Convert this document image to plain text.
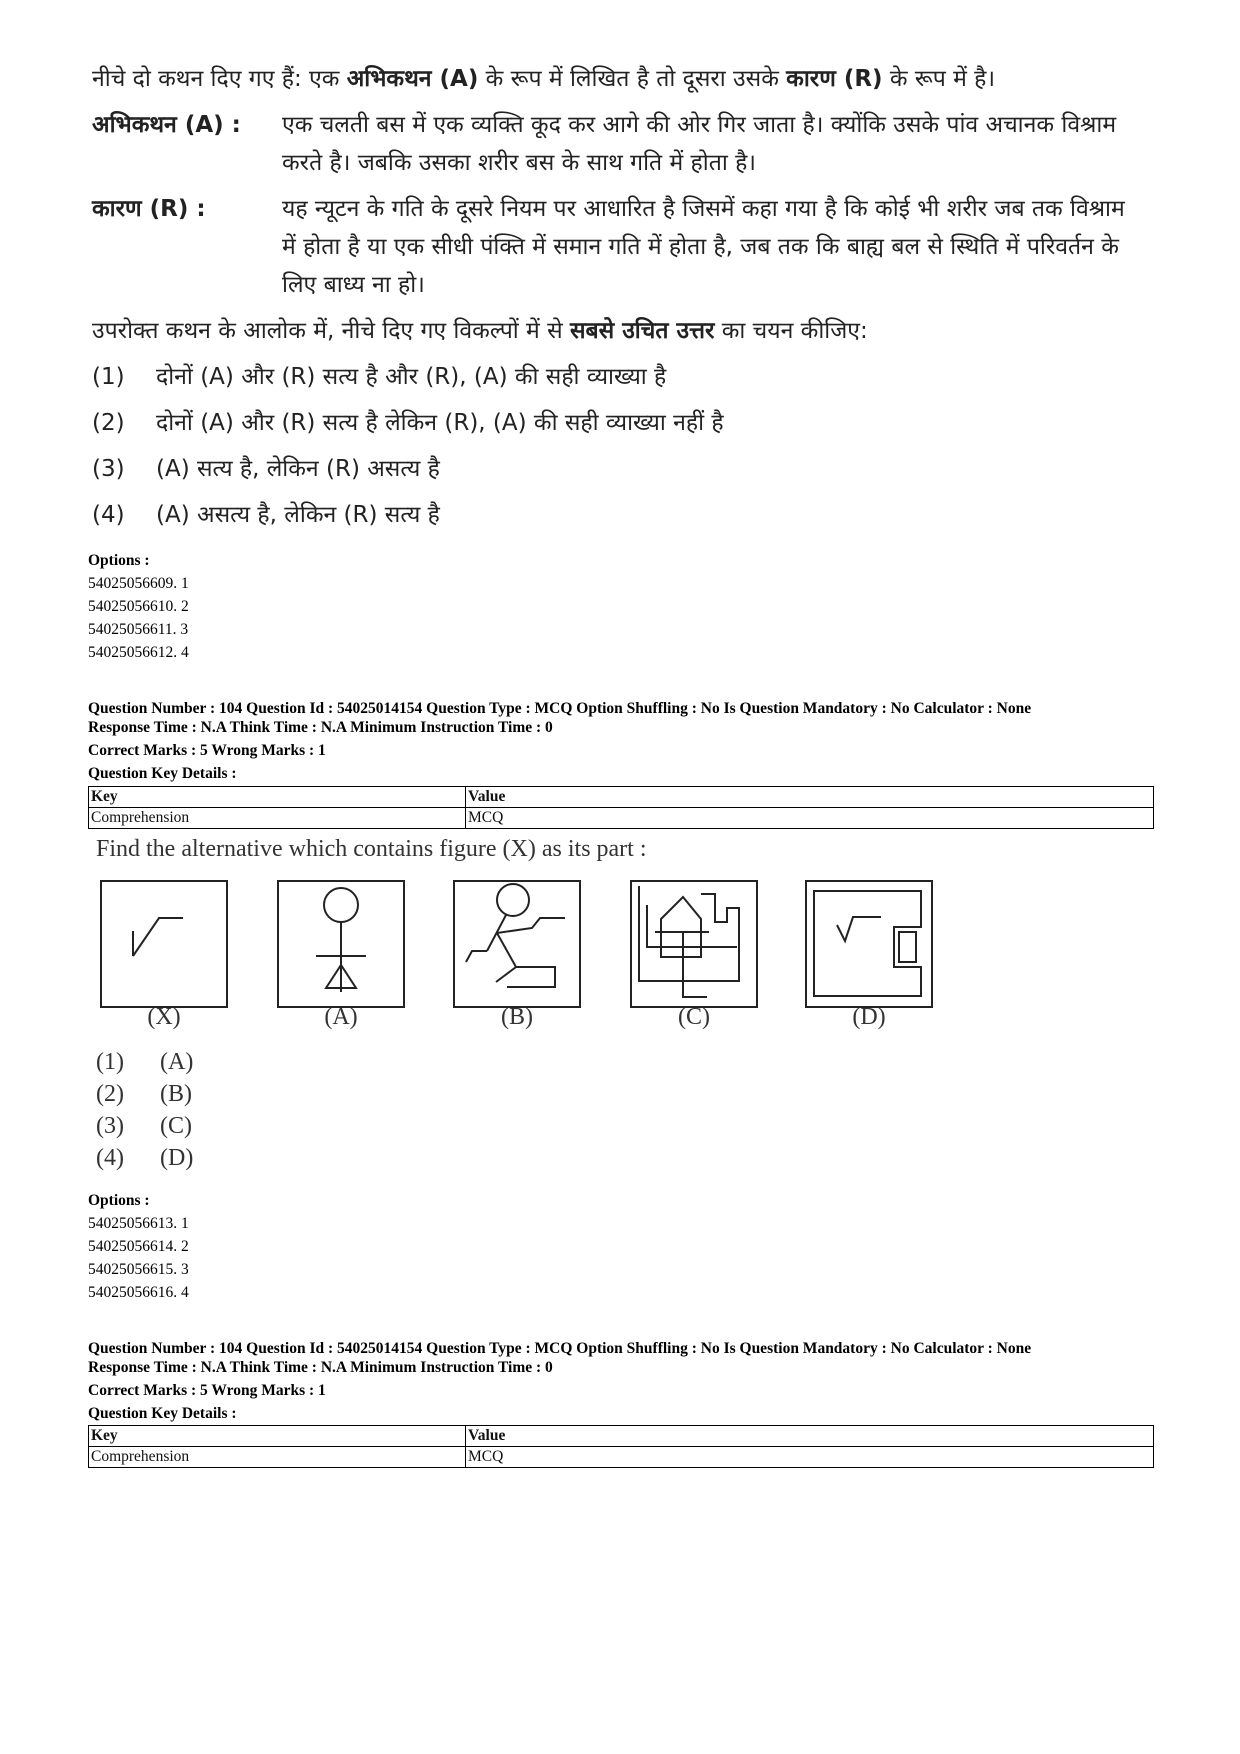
नीचे दो कथन दिए गए हैं: एक अभिकथन (A) के रूप में लिखित है तो दूसरा उसके कारण (R) के रूप में है।
अभिकथन (A) :	एक चलती बस में एक व्यक्ति कूद कर आगे की ओर गिर जाता है। क्योंकि उसके पांव अचानक विश्राम
करते है। जबकि उसका शरीर बस के साथ गति में होता है।
कारण (R) :	यह न्यूटन के गति के दूसरे नियम पर आधारित है जिसमें कहा गया है कि कोई भी शरीर जब तक विश्राम
में होता है या एक सीधी पंक्ति में समान गति में होता है, जब तक कि बाह्य बल से स्थिति में परिवर्तन के
लिए बाध्य ना हो।
उपरोक्त कथन के आलोक में, नीचे दिए गए विकल्पों में से सबसे उचित उत्तर का चयन कीजिए:
(1)	दोनों (A) और (R) सत्य है और (R), (A) की सही व्याख्या है
(2)	दोनों (A) और (R) सत्य है लेकिन (R), (A) की सही व्याख्या नहीं है
(3)	(A) सत्य है, लेकिन (R) असत्य है
(4)	(A) असत्य है, लेकिन (R) सत्य है
Options :
54025056609. 1
54025056610. 2
54025056611. 3
54025056612. 4
Question Number : 104 Question Id : 54025014154 Question Type : MCQ Option Shuffling : No Is Question Mandatory : No Calculator : None
Response Time : N.A Think Time : N.A Minimum Instruction Time : 0
Correct Marks : 5 Wrong Marks : 1
Question Key Details :
Key	Value
Comprehension	MCQ
Find the alternative which contains figure (X) as its part :
(X)	(A)	(B)	(C)	(D)
(1)	(A)
(2)	(B)
(3)	(C)
(4)	(D)
Options :
54025056613. 1
54025056614. 2
54025056615. 3
54025056616. 4
Question Number : 104 Question Id : 54025014154 Question Type : MCQ Option Shuffling : No Is Question Mandatory : No Calculator : None
Response Time : N.A Think Time : N.A Minimum Instruction Time : 0
Correct Marks : 5 Wrong Marks : 1
Question Key Details :
Key	Value
Comprehension	MCQ
